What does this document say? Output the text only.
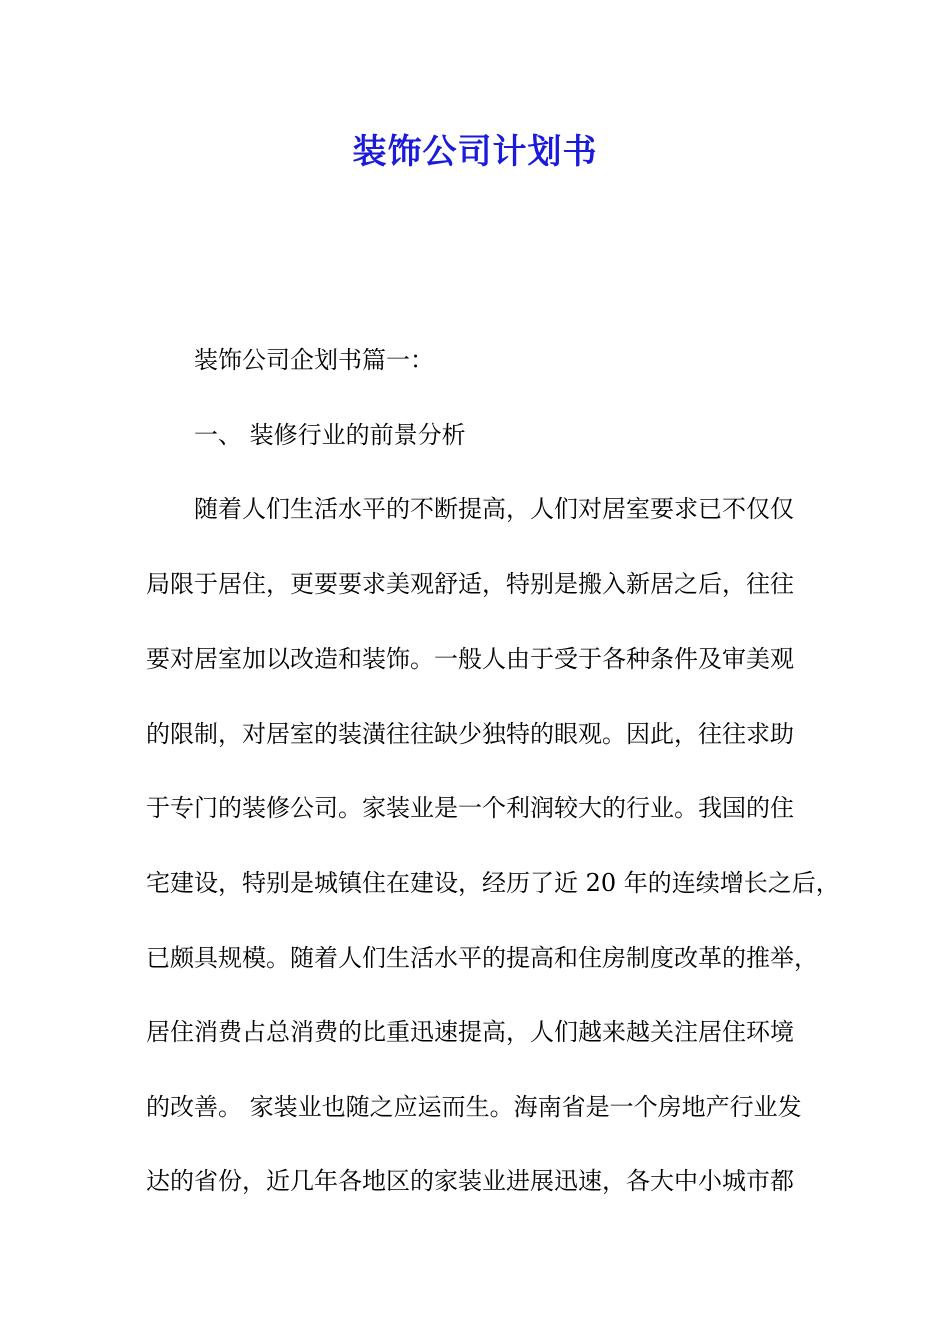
装饰公司计划书
装饰公司企划书篇一：
一、 装修行业的前景分析
随着人们生活水平的不断提高，人们对居室要求已不仅仅
局限于居住，更要要求美观舒适，特别是搬入新居之后，往往
要对居室加以改造和装饰。一般人由于受于各种条件及审美观
的限制，对居室的装潢往往缺少独特的眼观。因此，往往求助
于专门的装修公司。家装业是一个利润较大的行业。我国的住
宅建设，特别是城镇住在建设，经历了近 20 年的连续增长之后，
已颇具规模。随着人们生活水平的提高和住房制度改革的推举，
居住消费占总消费的比重迅速提高，人们越来越关注居住环境
的改善。 家装业也随之应运而生。海南省是一个房地产行业发
达的省份，近几年各地区的家装业进展迅速，各大中小城市都
